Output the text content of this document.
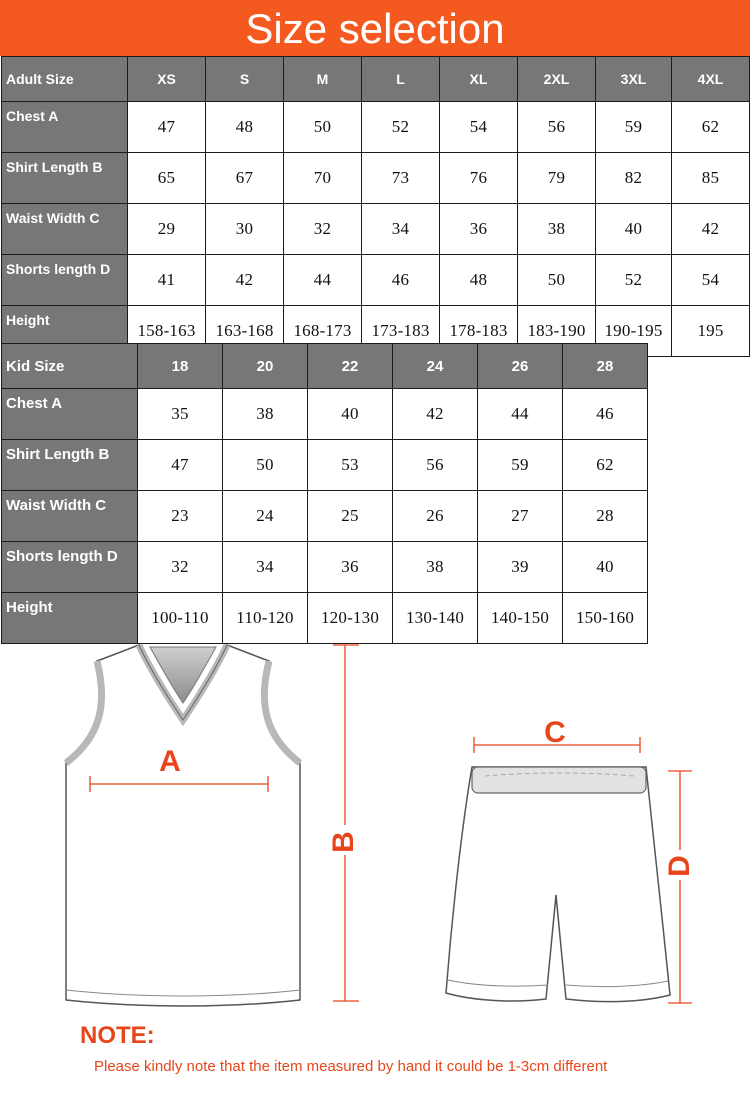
Size selection
Adult Size	XS	S	M	L	XL	2XL	3XL	4XL
Chest A	47	48	50	52	54	56	59	62
Shirt Length B	65	67	70	73	76	79	82	85
Waist Width C	29	30	32	34	36	38	40	42
Shorts length D	41	42	44	46	48	50	52	54
Height	158-163	163-168	168-173	173-183	178-183	183-190	190-195	195
Kid Size	18	20	22	24	26	28
Chest A	35	38	40	42	44	46
Shirt Length B	47	50	53	56	59	62
Waist Width C	23	24	25	26	27	28
Shorts length D	32	34	36	38	39	40
Height	100-110	110-120	120-130	130-140	140-150	150-160
A
B
C
D
NOTE:
Please kindly note that the item measured by hand it could be 1-3cm different
